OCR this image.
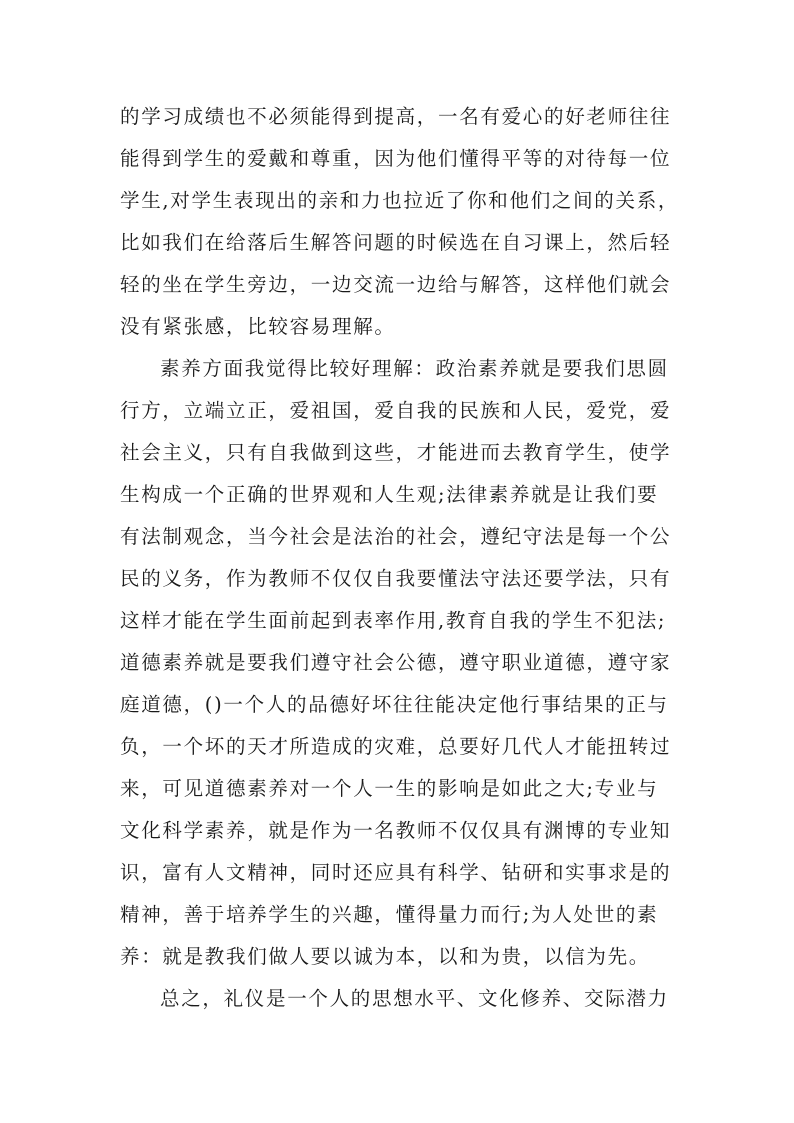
的学习成绩也不必须能得到提高，一名有爱心的好老师往往
能得到学生的爱戴和尊重，因为他们懂得平等的对待每一位
学生,对学生表现出的亲和力也拉近了你和他们之间的关系，
比如我们在给落后生解答问题的时候选在自习课上，然后轻
轻的坐在学生旁边，一边交流一边给与解答，这样他们就会
没有紧张感，比较容易理解。
素养方面我觉得比较好理解：政治素养就是要我们思圆
行方，立端立正，爱祖国，爱自我的民族和人民，爱党，爱
社会主义，只有自我做到这些，才能进而去教育学生，使学
生构成一个正确的世界观和人生观;法律素养就是让我们要
有法制观念，当今社会是法治的社会，遵纪守法是每一个公
民的义务，作为教师不仅仅自我要懂法守法还要学法，只有
这样才能在学生面前起到表率作用,教育自我的学生不犯法;
道德素养就是要我们遵守社会公德，遵守职业道德，遵守家
庭道德，()一个人的品德好坏往往能决定他行事结果的正与
负，一个坏的天才所造成的灾难，总要好几代人才能扭转过
来，可见道德素养对一个人一生的影响是如此之大;专业与
文化科学素养，就是作为一名教师不仅仅具有渊博的专业知
识，富有人文精神，同时还应具有科学、钻研和实事求是的
精神，善于培养学生的兴趣，懂得量力而行;为人处世的素
养：就是教我们做人要以诚为本，以和为贵，以信为先。
总之，礼仪是一个人的思想水平、文化修养、交际潜力
